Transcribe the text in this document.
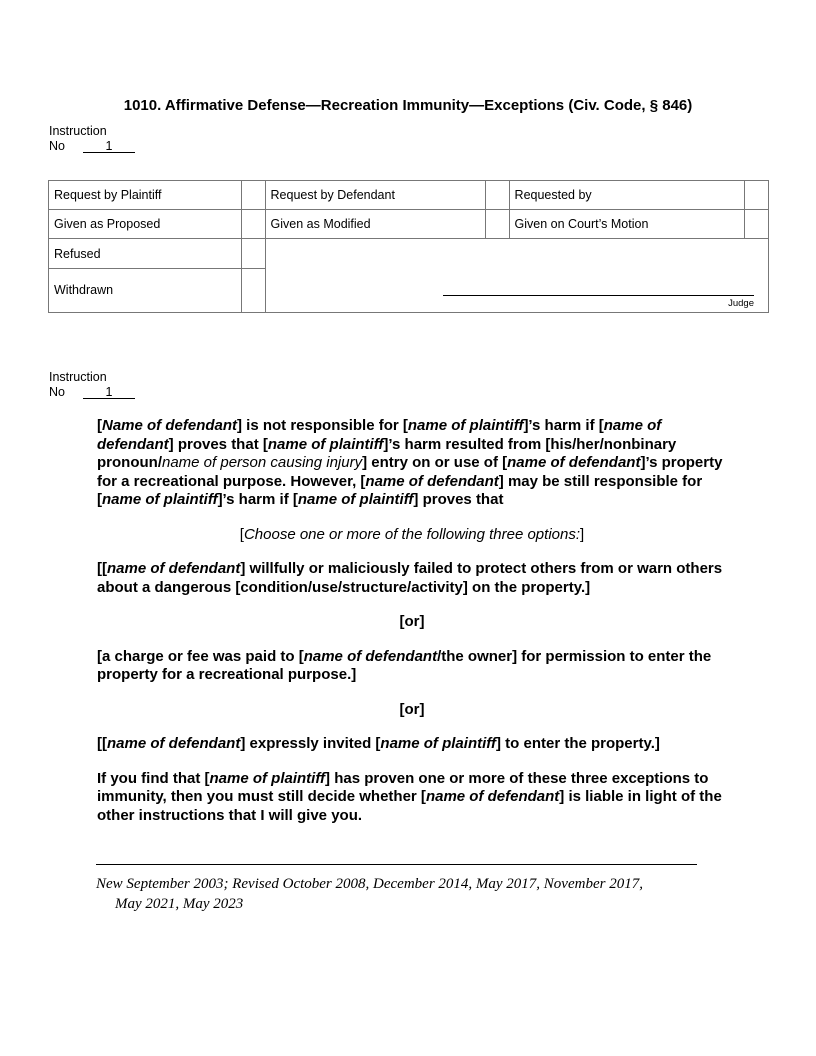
1010. Affirmative Defense—Recreation Immunity—Exceptions (Civ. Code, § 846)
Instruction
No	1
Request by Plaintiff		Request by Defendant		Requested by	
Given as Proposed		Given as Modified		Given on Court’s Motion	
Refused		Judge			

Withdrawn					
Instruction
No	1

[Name of defendant] is not responsible for [name of plaintiff]’s harm if [name of defendant] proves that [name of plaintiff]’s harm resulted from [his/her/nonbinary pronoun/name of person causing injury] entry on or use of [name of defendant]’s property for a recreational purpose. However, [name of defendant] may be still responsible for [name of plaintiff]’s harm if [name of plaintiff] proves that

[Choose one or more of the following three options:]

[[name of defendant] willfully or maliciously failed to protect others from or warn others about a dangerous [condition/use/structure/activity] on the property.]

[or]

[a charge or fee was paid to [name of defendant/the owner] for permission to enter the property for a recreational purpose.]

[or]

[[name of defendant] expressly invited [name of plaintiff] to enter the property.]

If you find that [name of plaintiff] has proven one or more of these three exceptions to immunity, then you must still decide whether [name of defendant] is liable in light of the other instructions that I will give you.

New September 2003; Revised October 2008, December 2014, May 2017, November 2017,
May 2021, May 2023
